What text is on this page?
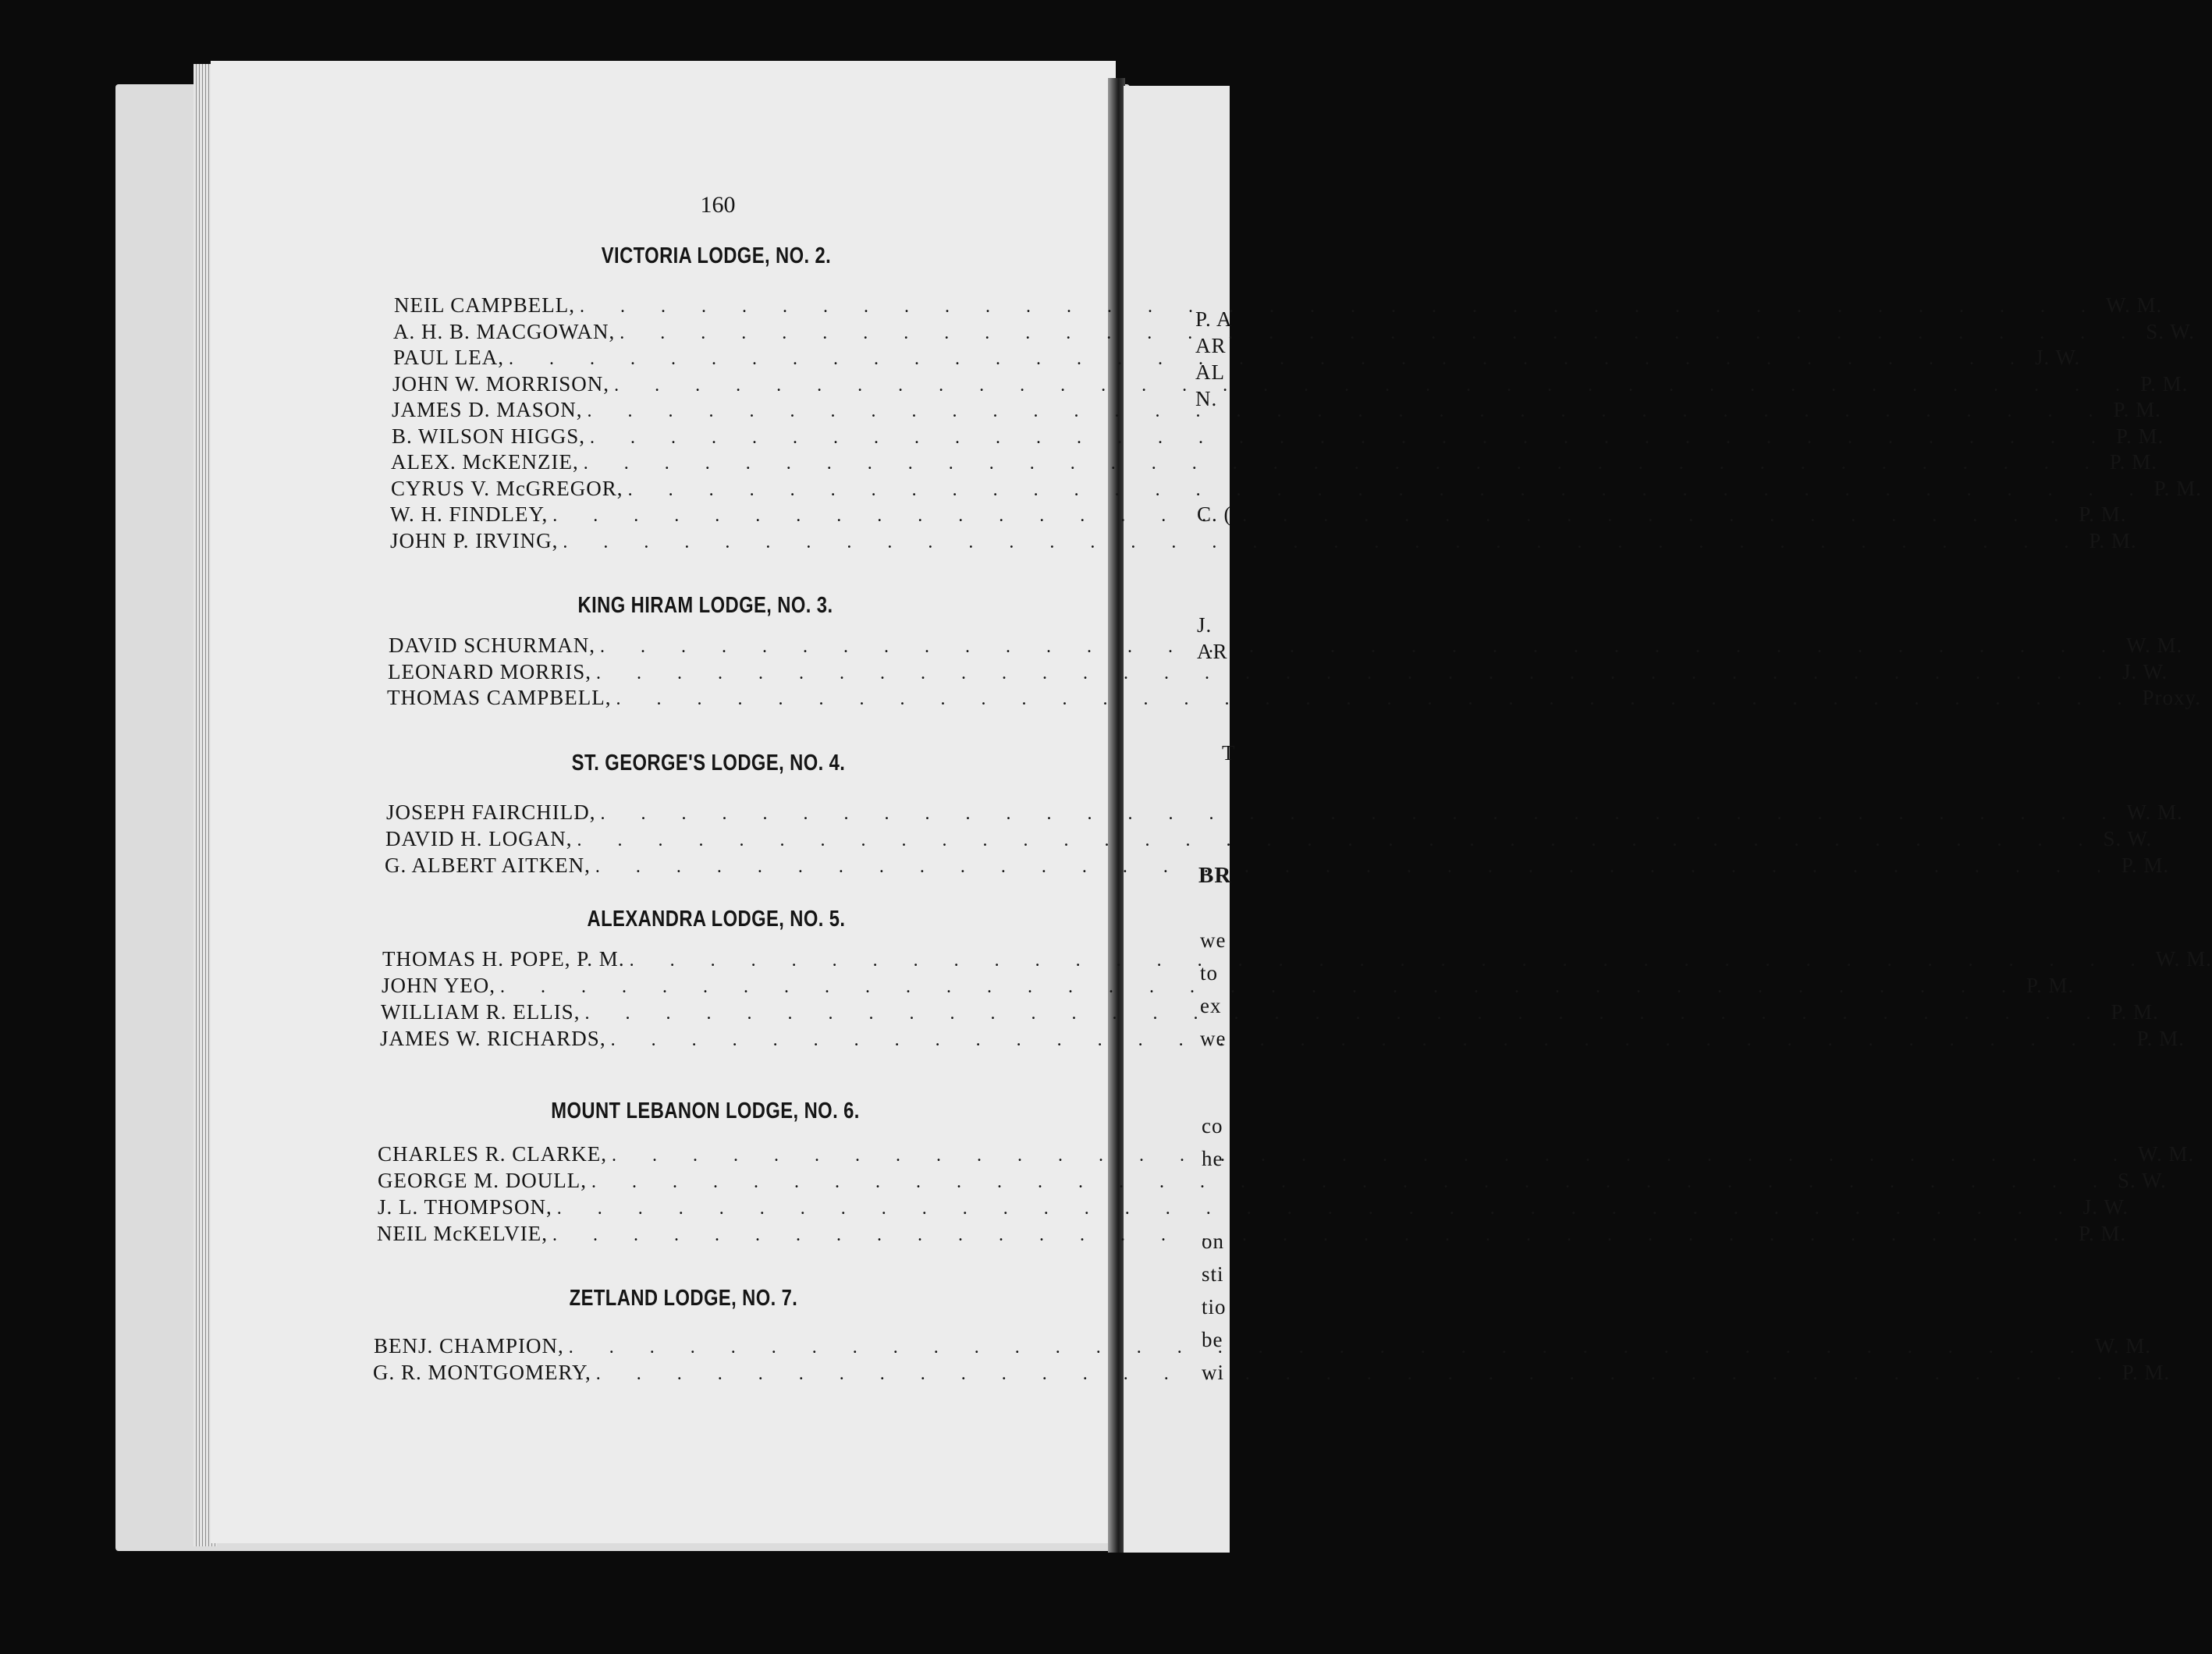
160
VICTORIA LODGE, NO. 2.
NEIL CAMPBELL, . . .	W. M.
A. H. B. MACGOWAN, . . .	S. W.
PAUL LEA, . . .	J. W.
JOHN W. MORRISON, . . .	P. M.
JAMES D. MASON, . . .	P. M.
B. WILSON HIGGS, . . .	P. M.
ALEX. McKENZIE, . . .	P. M.
CYRUS V. McGREGOR, . . .	P. M.
W. H. FINDLEY, . . .	P. M.
JOHN P. IRVING, . . .	P. M.
KING HIRAM LODGE, NO. 3.
DAVID SCHURMAN, . . .	W. M.
LEONARD MORRIS, . . .	J. W.
THOMAS CAMPBELL, . . .	Proxy.
ST. GEORGE'S LODGE, NO. 4.
JOSEPH FAIRCHILD, . . .	W. M.
DAVID H. LOGAN, . . .	S. W.
G. ALBERT AITKEN, . . .	P. M.
ALEXANDRA LODGE, NO. 5.
THOMAS H. POPE, P. M. . . .	W. M.
JOHN YEO, . . .	P. M.
WILLIAM R. ELLIS, . . .	P. M.
JAMES W. RICHARDS, . . .	P. M.
MOUNT LEBANON LODGE, NO. 6.
CHARLES R. CLARKE, . . .	W. M.
GEORGE M. DOULL, . . .	S. W.
J. L. THOMPSON, . . .	J. W.
NEIL McKELVIE, . . .	P. M.
ZETLAND LODGE, NO. 7.
BENJ. CHAMPION, . . .	W. M.
G. R. MONTGOMERY, . . .	P. M.
P. A
AR
AL
N.
C. (
J.
AR
T
BR
we
to
ex
we
co
he
on
sti
tio
be
wi
